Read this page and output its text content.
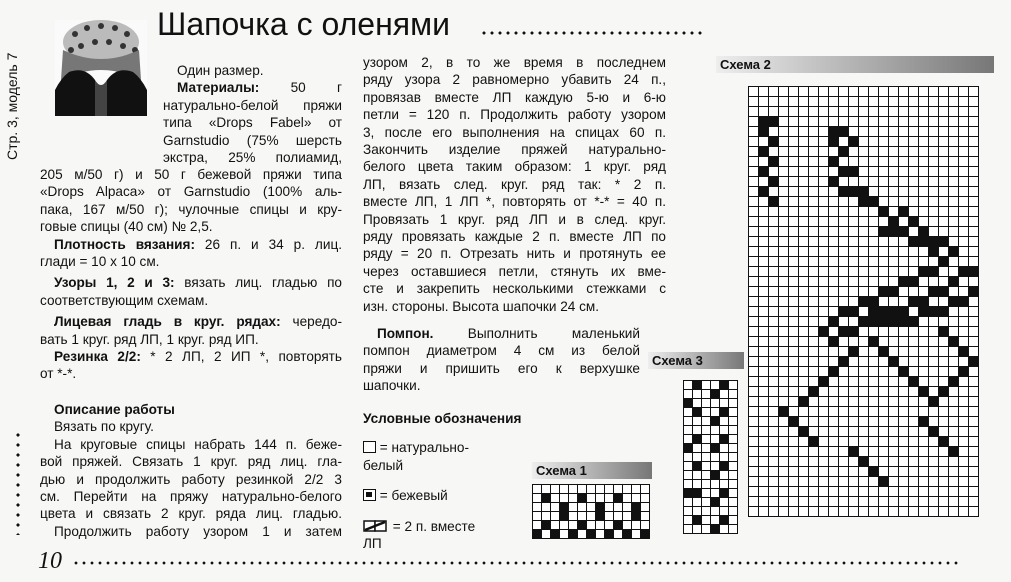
Стр. 3, модель 7
Шапочка с оленями

Один размер.

Материалы: 50 г

натурально-белой пряжи

типа «Drops Fabel» от

Garnstudio (75% шерсть

экстра, 25% полиамид,

205 м/50 г) и 50 г бежевой пряжи типа

«Drops Alpaca» от Garnstudio (100% аль-

пака, 167 м/50 г); чулочные спицы и кру-

говые спицы (40 см) № 2,5.

Плотность вязания: 26 п. и 34 р. лиц.

глади = 10 х 10 см.

Узоры 1, 2 и 3: вязать лиц. гладью по

соответствующим схемам.

Лицевая гладь в круг. рядах: чередо-

вать 1 круг. ряд ЛП, 1 круг. ряд ИП.

Резинка 2/2: * 2 ЛП, 2 ИП *, повторять

от *-*.

Описание работы

Вязать по кругу.

На круговые спицы набрать 144 п. беже-

вой пряжей. Связать 1 круг. ряд лиц. гла-

дью и продолжить работу резинкой 2/2 3

см. Перейти на пряжу натурально-белого

цвета и связать 2 круг. ряда лиц. гладью.

Продолжить работу узором 1 и затем

узором 2, в то же время в последнем

ряду узора 2 равномерно убавить 24 п.,

провязав вместе ЛП каждую 5-ю и 6-ю

петли = 120 п. Продолжить работу узором

3, после его выполнения на спицах 60 п.

Закончить изделие пряжей натурально-

белого цвета таким образом: 1 круг. ряд

ЛП, вязать след. круг. ряд так: * 2 п.

вместе ЛП, 1 ЛП *, повторять от *-* = 40 п.

Провязать 1 круг. ряд ЛП и в след. круг.

ряду провязать каждые 2 п. вместе ЛП по

ряду = 20 п. Отрезать нить и протянуть ее

через оставшиеся петли, стянуть их вме-

сте и закрепить несколькими стежками с

изн. стороны. Высота шапочки 24 см.

Помпон.	Выполнить маленький

помпон диаметром 4 см из белой

пряжи и пришить его к верхушке

шапочки.

Условные обозначения

= натурально-

белый

= бежевый

= 2 п. вместе

ЛП

Схема 1
Схема 3
Схема 2
10
